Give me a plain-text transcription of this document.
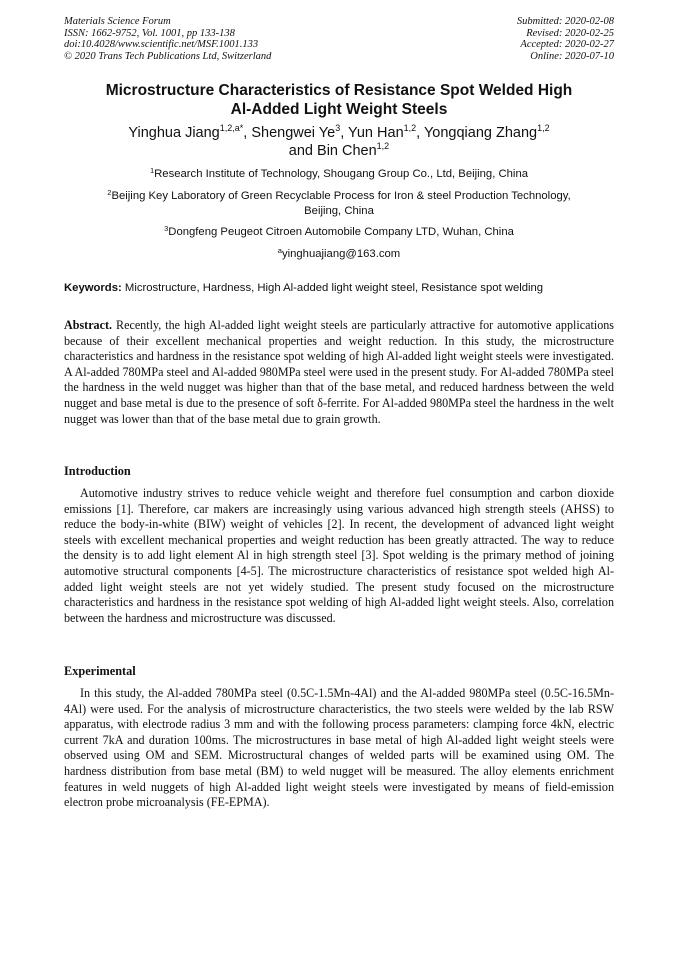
Materials Science Forum
ISSN: 1662-9752, Vol. 1001, pp 133-138
doi:10.4028/www.scientific.net/MSF.1001.133
© 2020 Trans Tech Publications Ltd, Switzerland
Submitted: 2020-02-08
Revised: 2020-02-25
Accepted: 2020-02-27
Online: 2020-07-10
Microstructure Characteristics of Resistance Spot Welded High
Al-Added Light Weight Steels
Yinghua Jiang$^{1,2,a*}$, Shengwei Ye$^3$, Yun Han$^{1,2}$, Yongqiang Zhang$^{1,2}$
and Bin Chen$^{1,2}$
$^1$Research Institute of Technology, Shougang Group Co., Ltd, Beijing, China
$^2$Beijing Key Laboratory of Green Recyclable Process for Iron & steel Production Technology,
Beijing, China
$^3$Dongfeng Peugeot Citroen Automobile Company LTD, Wuhan, China
$^a$yinghuajiang@163.com
Keywords: Microstructure, Hardness, High Al-added light weight steel, Resistance spot welding
Abstract. Recently, the high Al-added light weight steels are particularly attractive for automotive applications because of their excellent mechanical properties and weight reduction. In this study, the microstructure characteristics and hardness in the resistance spot welding of high Al-added light weight steels were investigated. A Al-added 780MPa steel and Al-added 980MPa steel were used in the present study. For Al-added 780MPa steel the hardness in the weld nugget was higher than that of the base metal, and reduced hardness between the weld nugget and base metal is due to the presence of soft δ-ferrite. For Al-added 980MPa steel the hardness in the welt nugget was lower than that of the base metal due to grain growth.
Introduction
Automotive industry strives to reduce vehicle weight and therefore fuel consumption and carbon dioxide emissions [1]. Therefore, car makers are increasingly using various advanced high strength steels (AHSS) to reduce the body-in-white (BIW) weight of vehicles [2]. In recent, the development of advanced light weight steels with excellent mechanical properties and weight reduction has been greatly attracted. The way to reduce the density is to add light element Al in high strength steel [3]. Spot welding is the primary method of joining automotive structural components [4-5]. The microstructure characteristics of resistance spot welded high Al-added light weight steels are not yet widely studied. The present study focused on the microstructure characteristics and hardness in the resistance spot welding of high Al-added light weight steels. Also, correlation between the hardness and microstructure was discussed.
Experimental
In this study, the Al-added 780MPa steel (0.5C-1.5Mn-4Al) and the Al-added 980MPa steel (0.5C-16.5Mn-4Al) were used. For the analysis of microstructure characteristics, the two steels were welded by the lab RSW apparatus, with electrode radius 3 mm and with the following process parameters: clamping force 4kN, electric current 7kA and duration 100ms. The microstructures in base metal of high Al-added light weight steels were observed using OM and SEM. Microstructural changes of welded parts will be examined using OM. The hardness distribution from base metal (BM) to weld nugget will be measured. The alloy elements enrichment features in weld nuggets of high Al-added light weight steels were investigated by means of field-emission electron probe microanalysis (FE-EPMA).
